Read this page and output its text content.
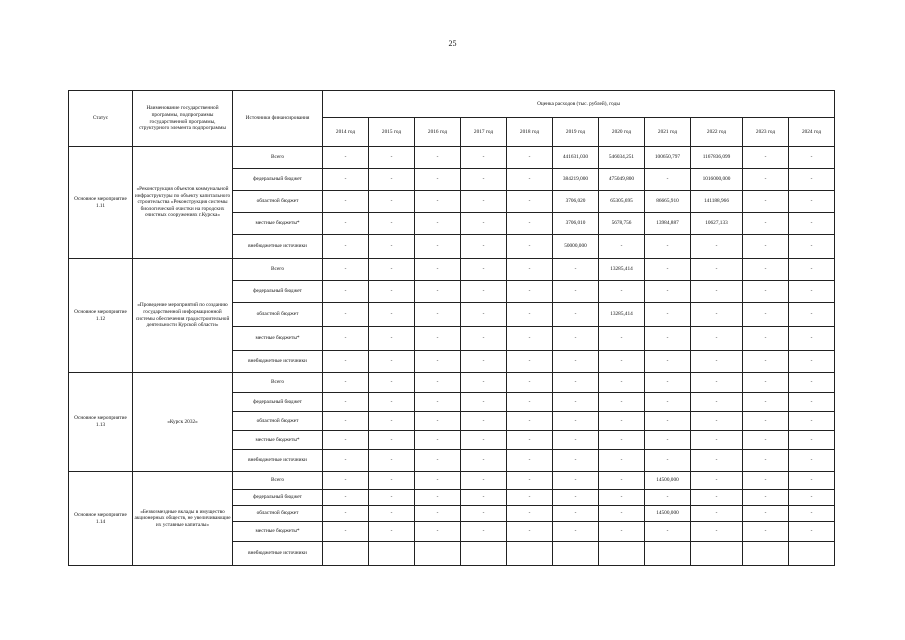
25
Статус	Наименование государственной программы, подпрограммы государственной программы, структурного элемента подпрограммы	Источники финансирования	Оценка расходов (тыс. рублей), годы										
			2014 год	2015 год	2016 год	2017 год	2018 год	2019 год	2020 год	2021 год	2022 год	2023 год	2024 год
Основное мероприятие 1.11	«Реконструкция объектов коммунальной инфраструктуры по объекту капитального строительства «Реконструкция системы биологической очистки на городских очистных сооружениях г.Курска»	Всего	-	-	-	-	-	441631,030	546034,251	100650,797	1167836,099	-	-
		федеральный бюджет	-	-	-	-	-	384219,000	475049,800	-	1016000,000	-	-
		областной бюджет	-	-	-	-	-	3706,020	65305,695	86665,910	141188,966	-	-
		местные бюджеты*	-	-	-	-	-	3706,010	5678,756	13984,887	10627,133	-	-
		внебюджетные источники	-	-	-	-	-	50000,000	-	-	-	-	-
Основное мероприятие 1.12	«Проведение мероприятий по созданию государственной информационной системы обеспечения градостроительной деятельности Курской области»	Всего	-	-	-	-	-	-	13285,414	-	-	-	-
		федеральный бюджет	-	-	-	-	-	-	-	-	-	-	-
		областной бюджет	-	-	-	-	-	-	13285,414	-	-	-	-
		местные бюджеты*	-	-	-	-	-	-	-	-	-	-	-
		внебюджетные источники	-	-	-	-	-	-	-	-	-	-	-
Основное мероприятие 1.13	«Курск 2032»	Всего	-	-	-	-	-	-	-	-	-	-	-
		федеральный бюджет	-	-	-	-	-	-	-	-	-	-	-
		областной бюджет	-	-	-	-	-	-	-	-	-	-	-
		местные бюджеты*	-	-	-	-	-	-	-	-	-	-	-
		внебюджетные источники	-	-	-	-	-	-	-	-	-	-	-
Основное мероприятие 1.14	«Безвозмездные вклады в имущество акционерных обществ, не увеличивающие их уставные капиталы»	Всего	-	-	-	-	-	-	-	14500,000	-	-	-
		федеральный бюджет	-	-	-	-	-	-	-	-	-	-	-
		областной бюджет	-	-	-	-	-	-	-	14500,000	-	-	-
		местные бюджеты*	-	-	-	-	-	-	-	-	-	-	-
		внебюджетные источники											
